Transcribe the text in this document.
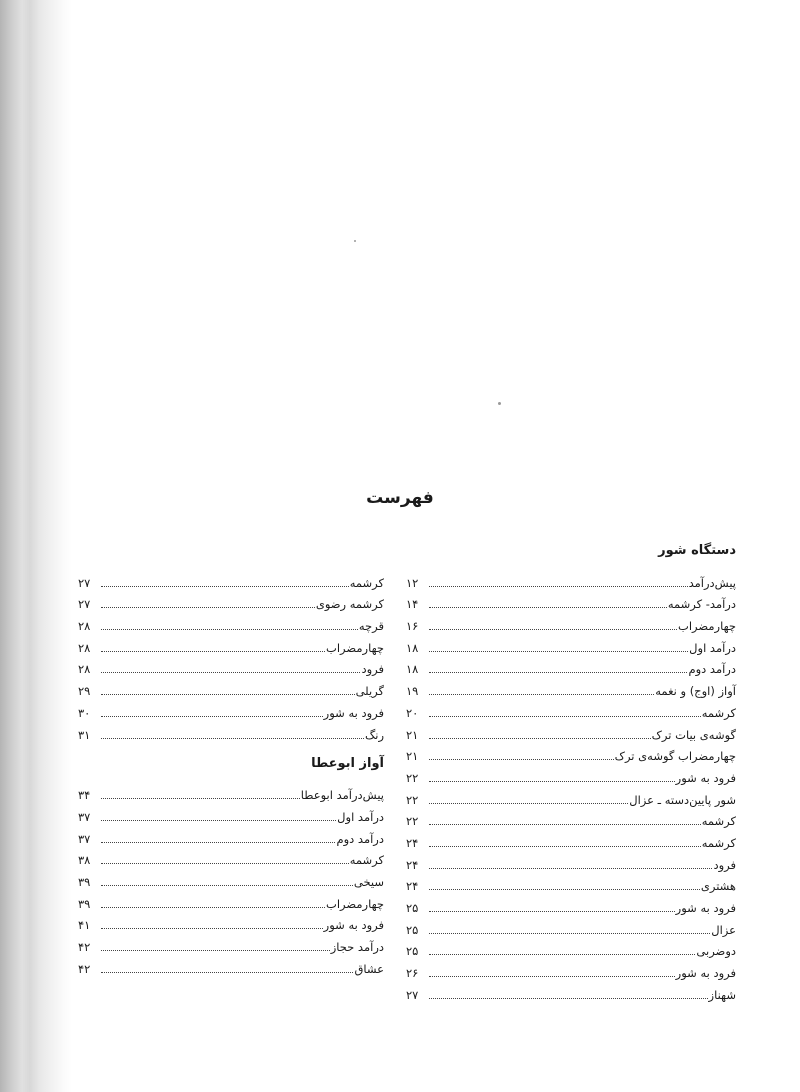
فهرست
دستگاه شور
پیش‌درآمد
۱۲
درآمد- کرشمه
۱۴
چهارمضراب
۱۶
درآمد اول
۱۸
درآمد دوم
۱۸
آواز (اوج) و نغمه
۱۹
کرشمه
۲۰
گوشه‌ی بیات ترک
۲۱
چهارمضراب گوشه‌ی ترک
۲۱
فرود به شور
۲۲
شور پایین‌دسته ـ عزال
۲۲
کرشمه
۲۲
کرشمه
۲۴
فرود
۲۴
هشتری
۲۴
فرود به شور
۲۵
عزال
۲۵
دوضربی
۲۵
فرود به شور
۲۶
شهناز
۲۷
کرشمه
۲۷
کرشمه رضوی
۲۷
قرچه
۲۸
چهارمضراب
۲۸
فرود
۲۸
گریلی
۲۹
فرود به شور
۳۰
رنگ
۳۱
آواز ابوعطا
پیش‌درآمد ابوعطا
۳۴
درآمد اول
۳۷
درآمد دوم
۳۷
کرشمه
۳۸
سیخی
۳۹
چهارمضراب
۳۹
فرود به شور
۴۱
درآمد حجاز
۴۲
عشاق
۴۲
